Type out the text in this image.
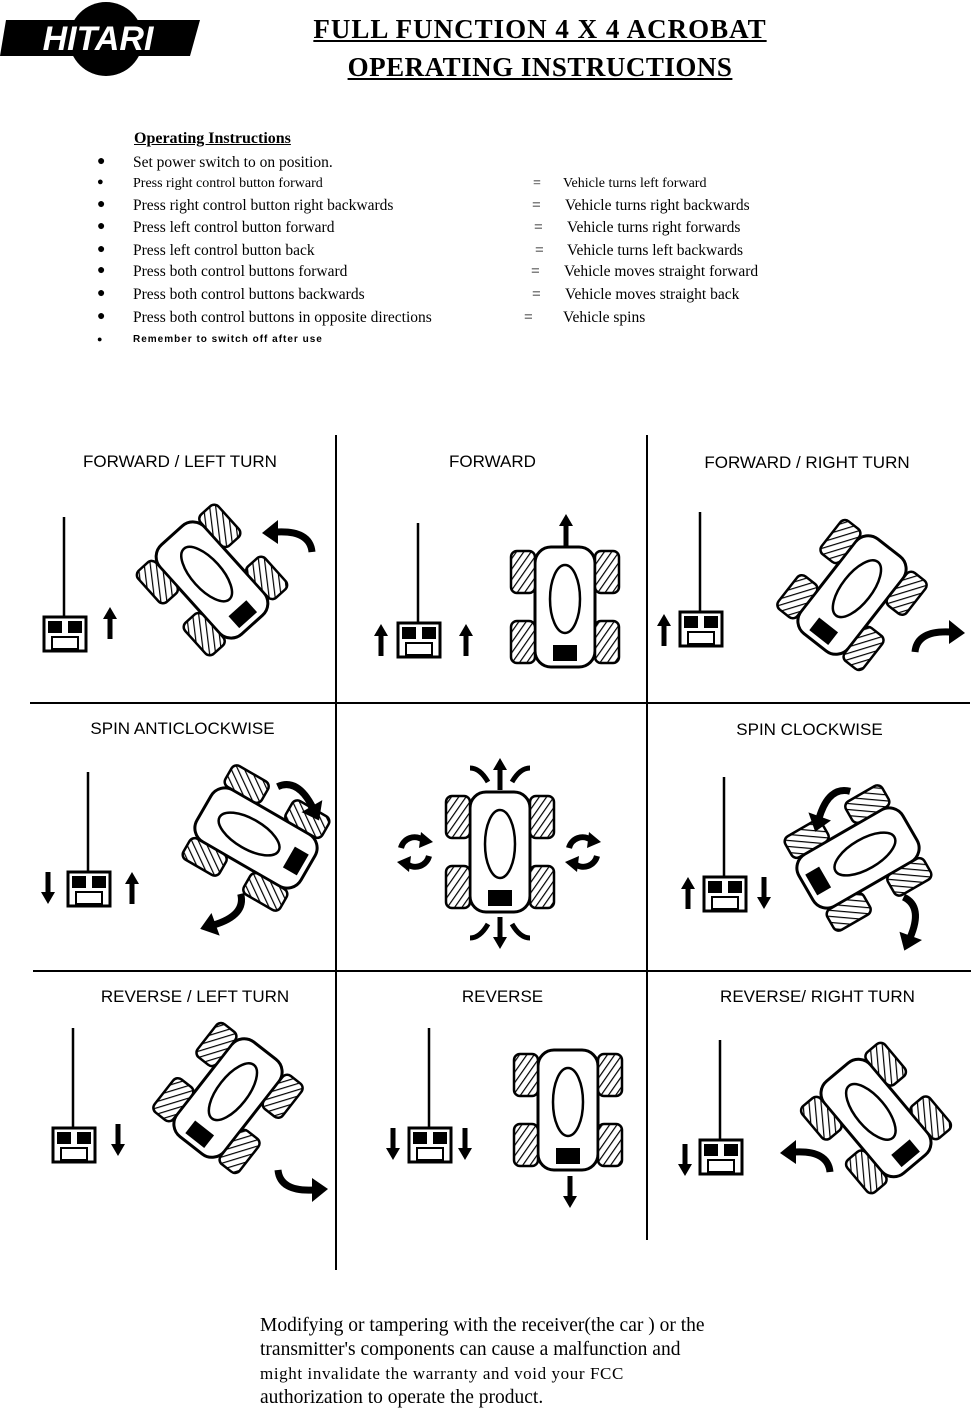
HITARI	FULL FUNCTION 4 X 4 ACROBAT
OPERATING INSTRUCTIONS
Operating Instructions
● Set power switch to on position.
● Press right control button forward	= Vehicle turns left forward
● Press right control button right backwards	= Vehicle turns right backwards
● Press left control button forward	= Vehicle turns right forwards
● Press left control button back	= Vehicle turns left backwards
● Press both control buttons forward	= Vehicle moves straight forward
● Press both control buttons backwards	= Vehicle moves straight back
● Press both control buttons in opposite directions	= Vehicle spins
●	Remember to switch off after use
FORWARD / LEFT TURN	FORWARD	FORWARD / RIGHT TURN
SPIN ANTICLOCKWISE	SPIN CLOCKWISE
REVERSE / LEFT TURN	REVERSE	REVERSE/ RIGHT TURN
Modifying or tampering with the receiver(the car ) or the
transmitter's components can cause a malfunction and
might invalidate the warranty and void your FCC
authorization to operate the product.
